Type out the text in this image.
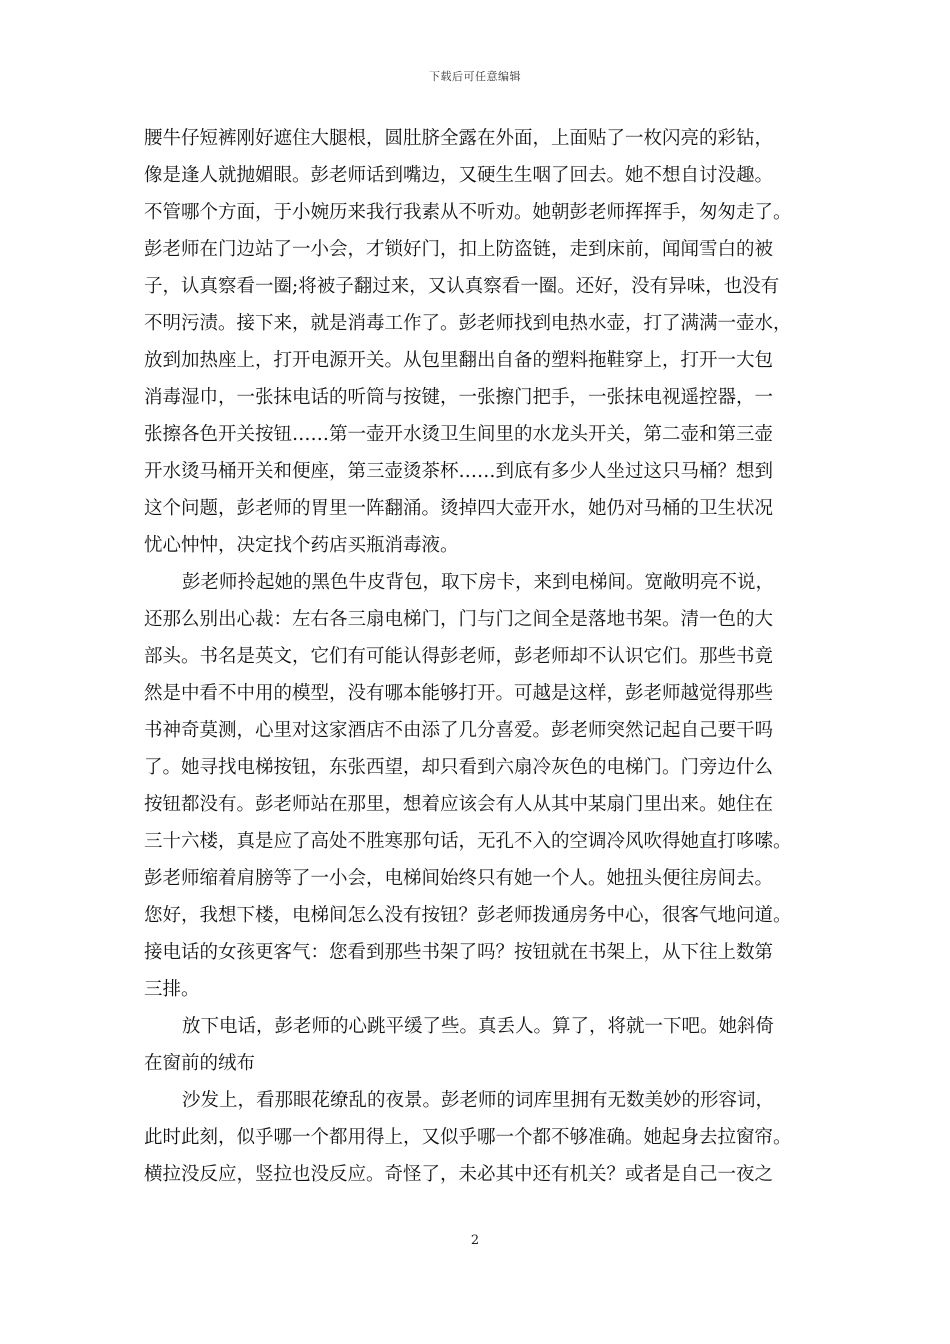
下载后可任意编辑
腰牛仔短裤刚好遮住大腿根，圆肚脐全露在外面，上面贴了一枚闪亮的彩钻，
像是逢人就抛媚眼。彭老师话到嘴边，又硬生生咽了回去。她不想自讨没趣。
不管哪个方面，于小婉历来我行我素从不听劝。她朝彭老师挥挥手，匆匆走了。
彭老师在门边站了一小会，才锁好门，扣上防盗链，走到床前，闻闻雪白的被
子，认真察看一圈;将被子翻过来，又认真察看一圈。还好，没有异味，也没有
不明污渍。接下来，就是消毒工作了。彭老师找到电热水壶，打了满满一壶水，
放到加热座上，打开电源开关。从包里翻出自备的塑料拖鞋穿上，打开一大包
消毒湿巾，一张抹电话的听筒与按键，一张擦门把手，一张抹电视遥控器，一
张擦各色开关按钮……第一壶开水烫卫生间里的水龙头开关，第二壶和第三壶
开水烫马桶开关和便座，第三壶烫茶杯……到底有多少人坐过这只马桶？想到
这个问题，彭老师的胃里一阵翻涌。烫掉四大壶开水，她仍对马桶的卫生状况
忧心忡忡，决定找个药店买瓶消毒液。
彭老师拎起她的黑色牛皮背包，取下房卡，来到电梯间。宽敞明亮不说，
还那么别出心裁：左右各三扇电梯门，门与门之间全是落地书架。清一色的大
部头。书名是英文，它们有可能认得彭老师，彭老师却不认识它们。那些书竟
然是中看不中用的模型，没有哪本能够打开。可越是这样，彭老师越觉得那些
书神奇莫测，心里对这家酒店不由添了几分喜爱。彭老师突然记起自己要干吗
了。她寻找电梯按钮，东张西望，却只看到六扇冷灰色的电梯门。门旁边什么
按钮都没有。彭老师站在那里，想着应该会有人从其中某扇门里出来。她住在
三十六楼，真是应了高处不胜寒那句话，无孔不入的空调冷风吹得她直打哆嗦。
彭老师缩着肩膀等了一小会，电梯间始终只有她一个人。她扭头便往房间去。
您好，我想下楼，电梯间怎么没有按钮？彭老师拨通房务中心，很客气地问道。
接电话的女孩更客气：您看到那些书架了吗？按钮就在书架上，从下往上数第
三排。
放下电话，彭老师的心跳平缓了些。真丢人。算了，将就一下吧。她斜倚
在窗前的绒布
沙发上，看那眼花缭乱的夜景。彭老师的词库里拥有无数美妙的形容词，
此时此刻，似乎哪一个都用得上，又似乎哪一个都不够准确。她起身去拉窗帘。
横拉没反应，竖拉也没反应。奇怪了，未必其中还有机关？或者是自己一夜之
2
